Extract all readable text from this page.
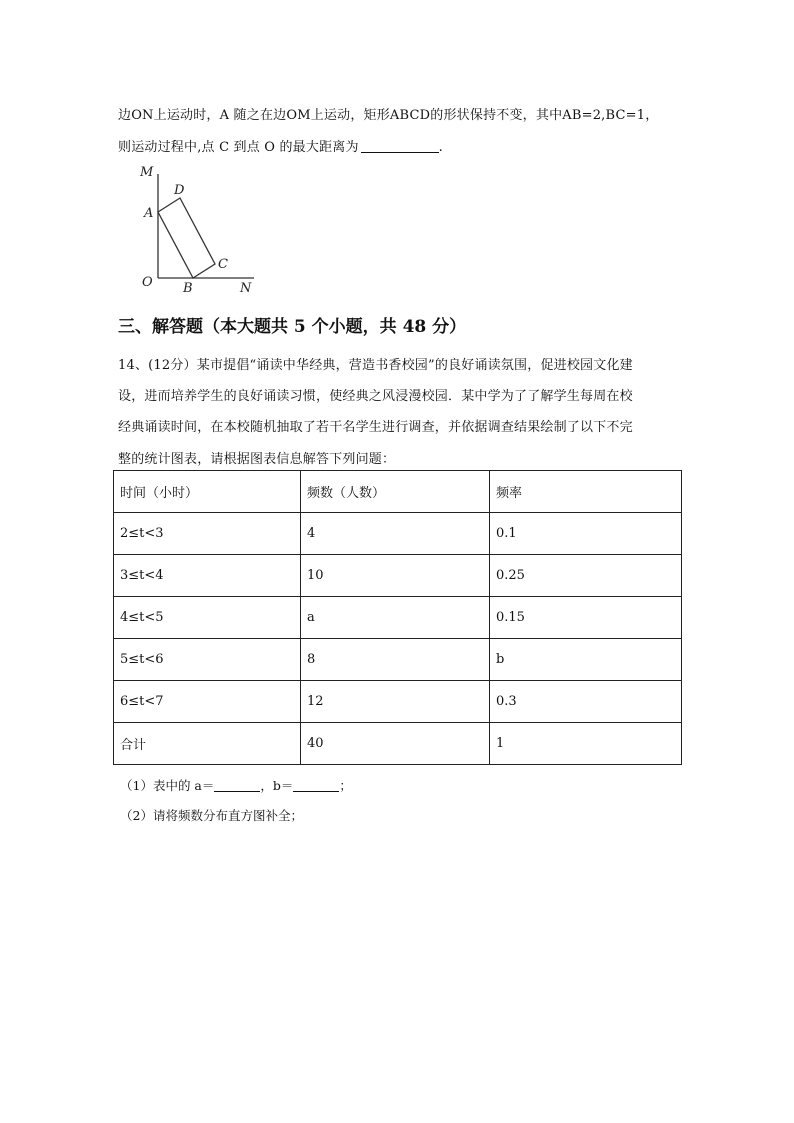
边ON上运动时，A 随之在边OM上运动，矩形ABCD的形状保持不变，其中AB=2,BC=1，
则运动过程中,点 C 到点 O 的最大距离为	.
M
D
A
C
O B	N
三、解答题（本大题共 5 个小题，共 48 分）
14、(12分）某市提倡“诵读中华经典，营造书香校园”的良好诵读氛围，促进校园文化建
设，进而培养学生的良好诵读习惯，使经典之风浸漫校园．某中学为了了解学生每周在校
经典诵读时间，在本校随机抽取了若干名学生进行调查，并依据调查结果绘制了以下不完
整的统计图表，请根据图表信息解答下列问题：
时间（小时）	频数（人数）	频率
2≤t<3	4	0.1
3≤t<4	10	0.25
4≤t<5	a	0.15
5≤t<6	8	b
6≤t<7	12	0.3
合计	40	1
（1）表中的 a＝	，b＝	；
（2）请将频数分布直方图补全；
